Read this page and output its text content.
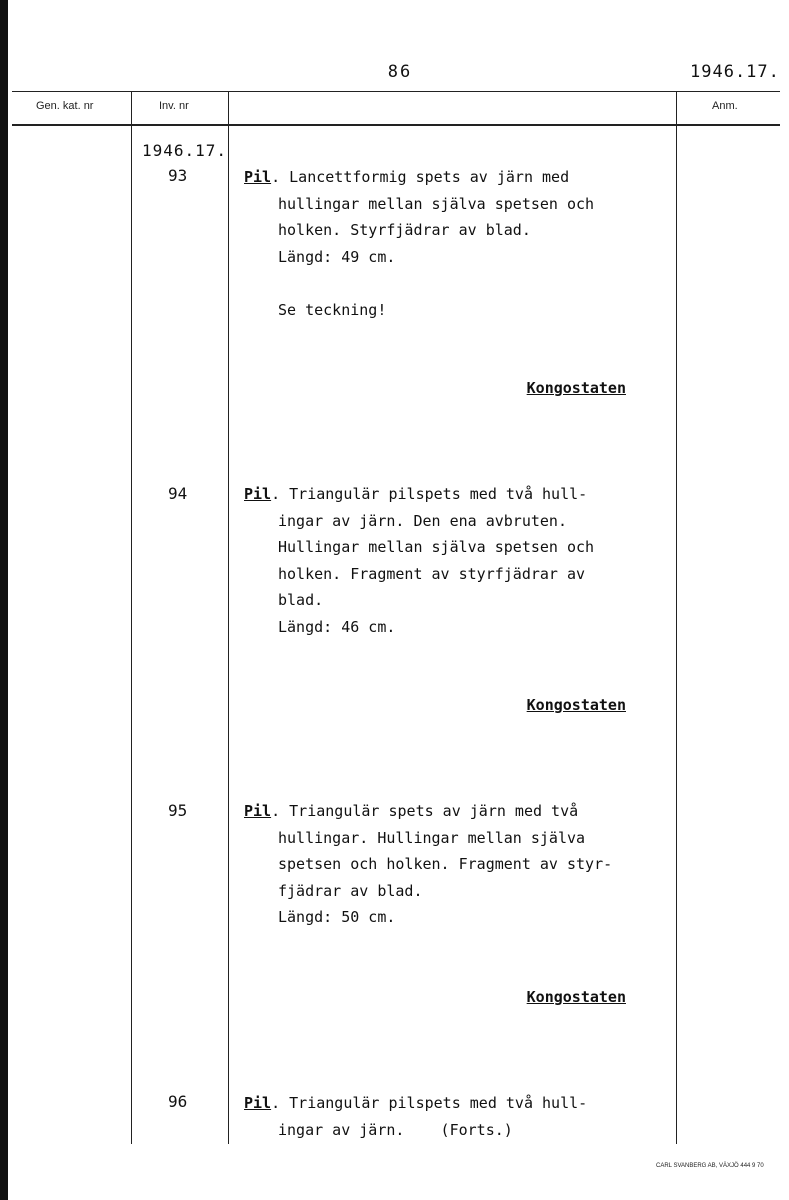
86	1946.17.
Gen. kat. nr	Inv. nr	Anm.
1946.17.
93	Pil. Lancettformig spets av järn med
hullingar mellan själva spetsen och
holken. Styrfjädrar av blad.
Längd: 49 cm.
Se teckning!
Kongostaten
94	Pil. Triangulär pilspets med två hull-
ingar av järn. Den ena avbruten.
Hullingar mellan själva spetsen och
holken. Fragment av styrfjädrar av
blad.
Längd: 46 cm.
Kongostaten
95	Pil. Triangulär spets av järn med två
hullingar. Hullingar mellan själva
spetsen och holken. Fragment av styr-
fjädrar av blad.
Längd: 50 cm.
Kongostaten
96	Pil. Triangulär pilspets med två hull-
ingar av järn.    (Forts.)
CARL SVANBERG AB, VÄXJÖ 444 9 70
